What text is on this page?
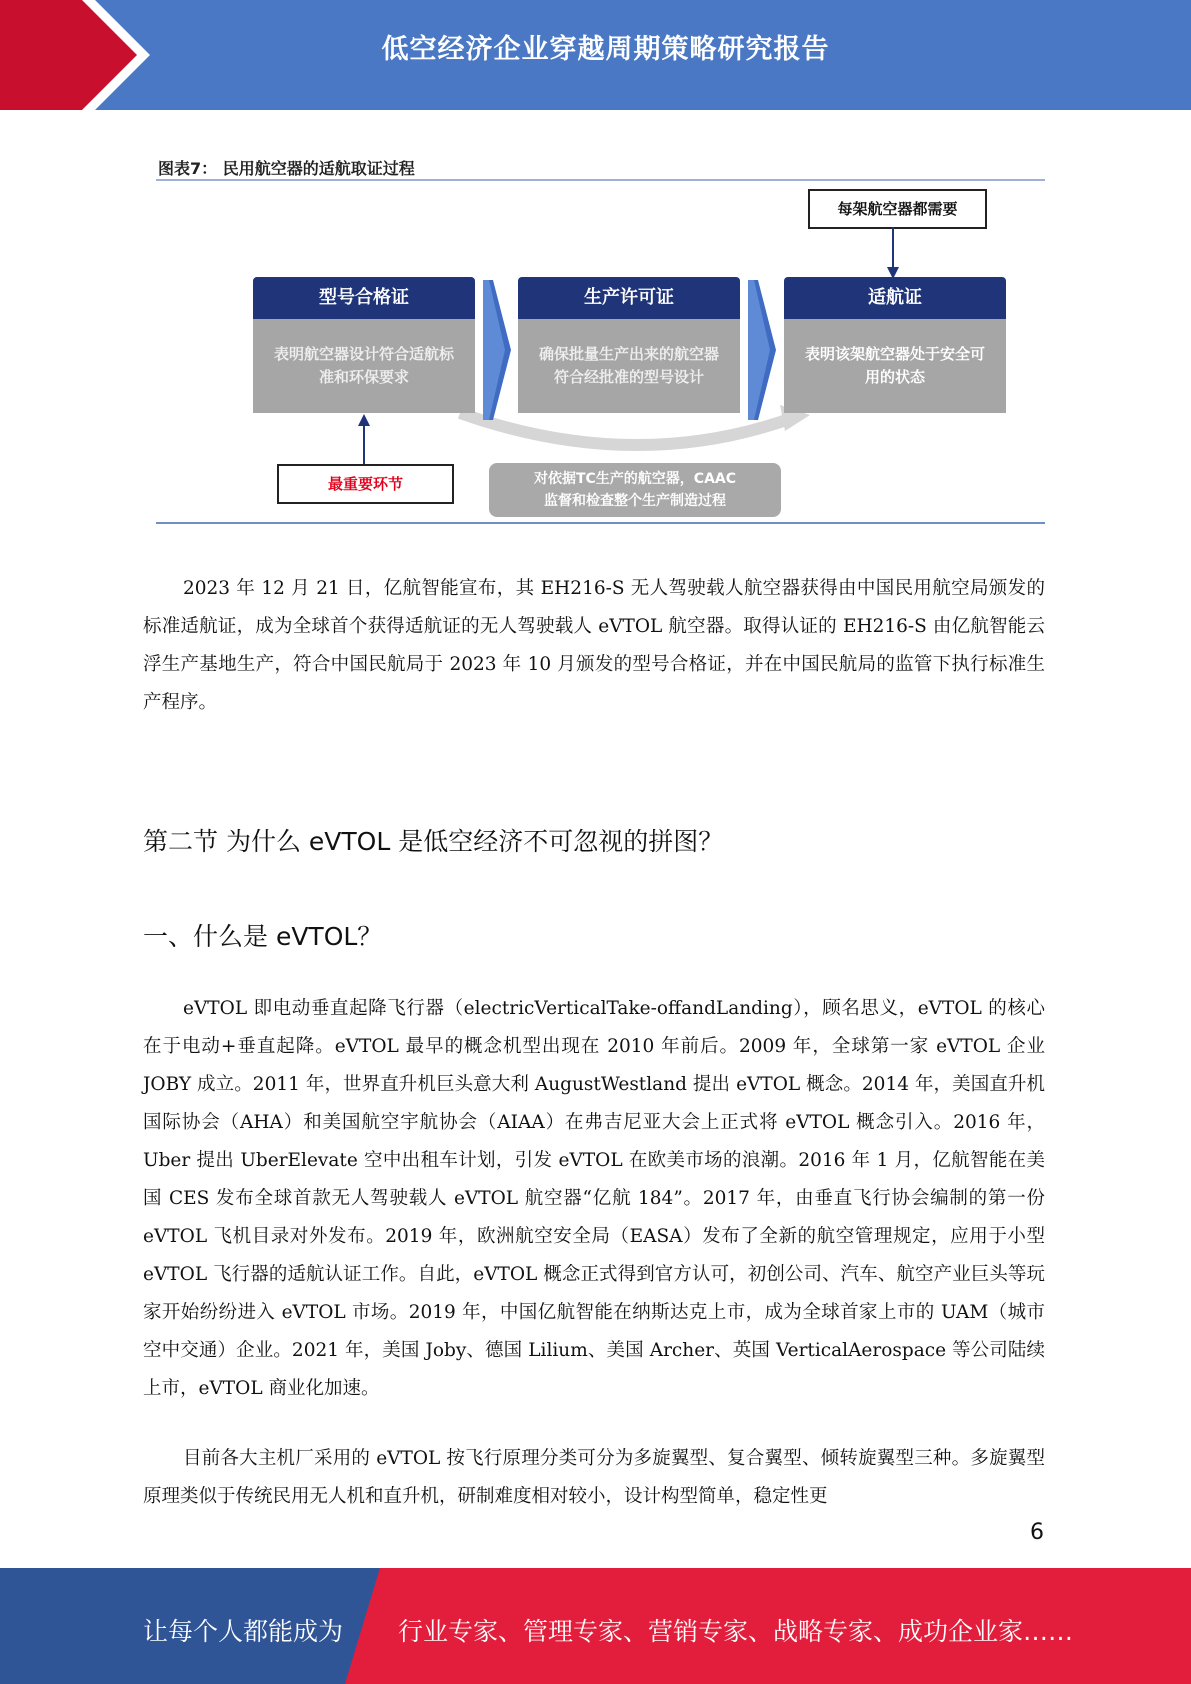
低空经济企业穿越周期策略研究报告
图表7： 民用航空器的适航取证过程
每架航空器都需要
型号合格证
表明航空器设计符合适航标准和环保要求
生产许可证
确保批量生产出来的航空器符合经批准的型号设计
适航证
表明该架航空器处于安全可用的状态
最重要环节	对依据TC生产的航空器，CAAC
监督和检查整个生产制造过程
2023 年 12 月 21 日，亿航智能宣布，其 EH216-S 无人驾驶载人航空器获得由中国民用航空局颁发的标准适航证，成为全球首个获得适航证的无人驾驶载人 eVTOL 航空器。取得认证的 EH216-S 由亿航智能云浮生产基地生产，符合中国民航局于 2023 年 10 月颁发的型号合格证，并在中国民航局的监管下执行标准生产程序。
第二节 为什么 eVTOL 是低空经济不可忽视的拼图？
一、什么是 eVTOL？
eVTOL 即电动垂直起降飞行器（electricVerticalTake-offandLanding），顾名思义，eVTOL 的核心在于电动+垂直起降。eVTOL 最早的概念机型出现在 2010 年前后。2009 年，全球第一家 eVTOL 企业 JOBY 成立。2011 年，世界直升机巨头意大利 AugustWestland 提出 eVTOL 概念。2014 年，美国直升机国际协会（AHA）和美国航空宇航协会（AIAA）在弗吉尼亚大会上正式将 eVTOL 概念引入。2016 年，Uber 提出 UberElevate 空中出租车计划，引发 eVTOL 在欧美市场的浪潮。2016 年 1 月，亿航智能在美国 CES 发布全球首款无人驾驶载人 eVTOL 航空器“亿航 184”。2017 年，由垂直飞行协会编制的第一份 eVTOL 飞机目录对外发布。2019 年，欧洲航空安全局（EASA）发布了全新的航空管理规定，应用于小型 eVTOL 飞行器的适航认证工作。自此，eVTOL 概念正式得到官方认可，初创公司、汽车、航空产业巨头等玩家开始纷纷进入 eVTOL 市场。2019 年，中国亿航智能在纳斯达克上市，成为全球首家上市的 UAM（城市空中交通）企业。2021 年，美国 Joby、德国 Lilium、美国 Archer、英国 VerticalAerospace 等公司陆续上市，eVTOL 商业化加速。
目前各大主机厂采用的 eVTOL 按飞行原理分类可分为多旋翼型、复合翼型、倾转旋翼型三种。多旋翼型原理类似于传统民用无人机和直升机，研制难度相对较小，设计构型简单，稳定性更
6
让每个人都能成为 行业专家、管理专家、营销专家、战略专家、成功企业家……
